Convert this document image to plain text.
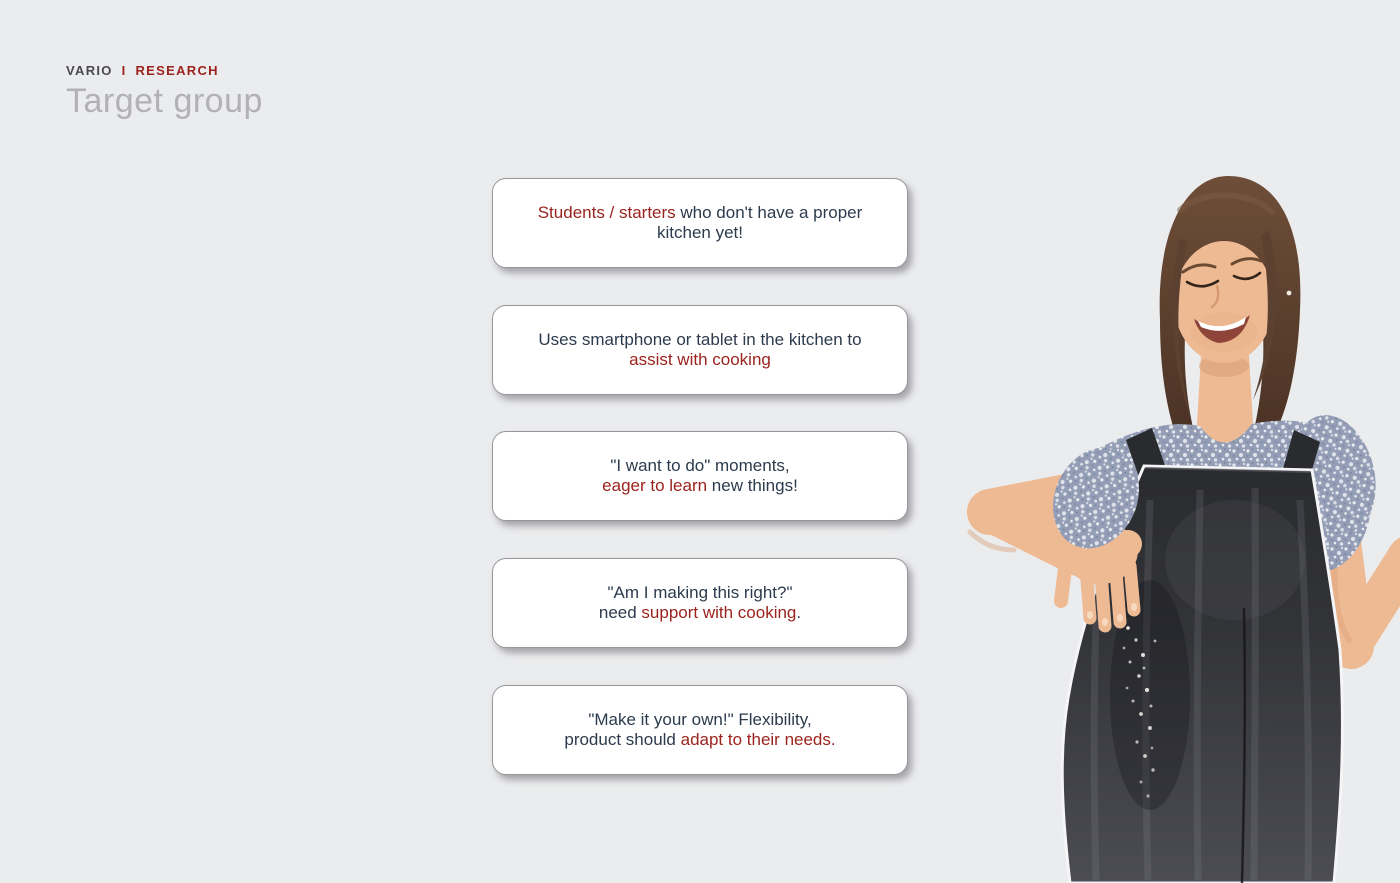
VARIO I RESEARCH
Target group
Students / starters who don't have a proper
kitchen yet!
Uses smartphone or tablet in the kitchen to
assist with cooking
"I want to do" moments,
eager to learn new things!
"Am I making this right?"
need support with cooking.
"Make it your own!" Flexibility,
product should adapt to their needs.
